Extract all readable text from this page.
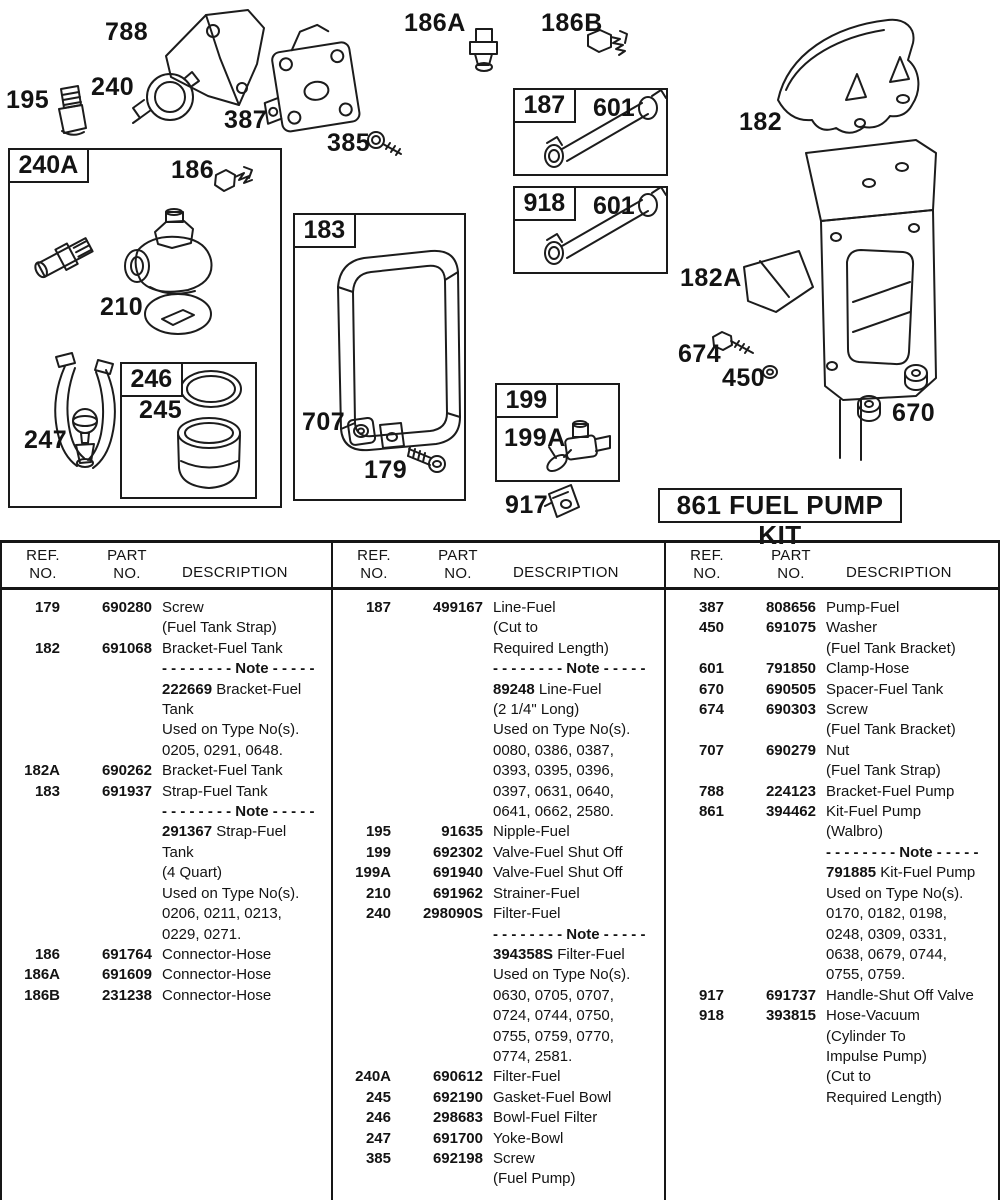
240A
246
183
187	601
918	601
199
788
195 240
387
385
186A	186B
186
210
247
245	707
179
199A
917
182
182A
674
450
670
861 FUEL PUMP KIT
REF.
NO.
PART
NO.	DESCRIPTION
179	690280 Screw
(Fuel Tank Strap)
182	691068 Bracket-Fuel Tank
- - - - - - - - Note - - - - -
222669 Bracket-Fuel
Tank
Used on Type No(s).
0205, 0291, 0648.
182A	690262 Bracket-Fuel Tank
183	691937 Strap-Fuel Tank
- - - - - - - - Note - - - - -
291367 Strap-Fuel
Tank
(4 Quart)
Used on Type No(s).
0206, 0211, 0213,
0229, 0271.
186	691764 Connector-Hose
186A	691609 Connector-Hose
186B	231238 Connector-Hose
REF.
NO.
PART
NO.	DESCRIPTION
187	499167 Line-Fuel
(Cut to
Required Length)
- - - - - - - - Note - - - - -
89248 Line-Fuel
(2 1/4" Long)
Used on Type No(s).
0080, 0386, 0387,
0393, 0395, 0396,
0397, 0631, 0640,
0641, 0662, 2580.
195	91635 Nipple-Fuel
199	692302 Valve-Fuel Shut Off
199A	691940 Valve-Fuel Shut Off
210	691962 Strainer-Fuel
240	298090S Filter-Fuel
- - - - - - - - Note - - - - -
394358S Filter-Fuel
Used on Type No(s).
0630, 0705, 0707,
0724, 0744, 0750,
0755, 0759, 0770,
0774, 2581.
240A	690612 Filter-Fuel
245	692190 Gasket-Fuel Bowl
246	298683 Bowl-Fuel Filter
247	691700 Yoke-Bowl
385	692198 Screw
(Fuel Pump)
REF.
NO.
PART
NO.	DESCRIPTION
387	808656 Pump-Fuel
450	691075 Washer
(Fuel Tank Bracket)
601	791850 Clamp-Hose
670	690505 Spacer-Fuel Tank
674	690303 Screw
(Fuel Tank Bracket)
707	690279 Nut
(Fuel Tank Strap)
788	224123 Bracket-Fuel Pump
861	394462 Kit-Fuel Pump
(Walbro)
- - - - - - - - Note - - - - -
791885 Kit-Fuel Pump
Used on Type No(s).
0170, 0182, 0198,
0248, 0309, 0331,
0638, 0679, 0744,
0755, 0759.
917	691737 Handle-Shut Off Valve
918	393815 Hose-Vacuum
(Cylinder To
Impulse Pump)
(Cut to
Required Length)
